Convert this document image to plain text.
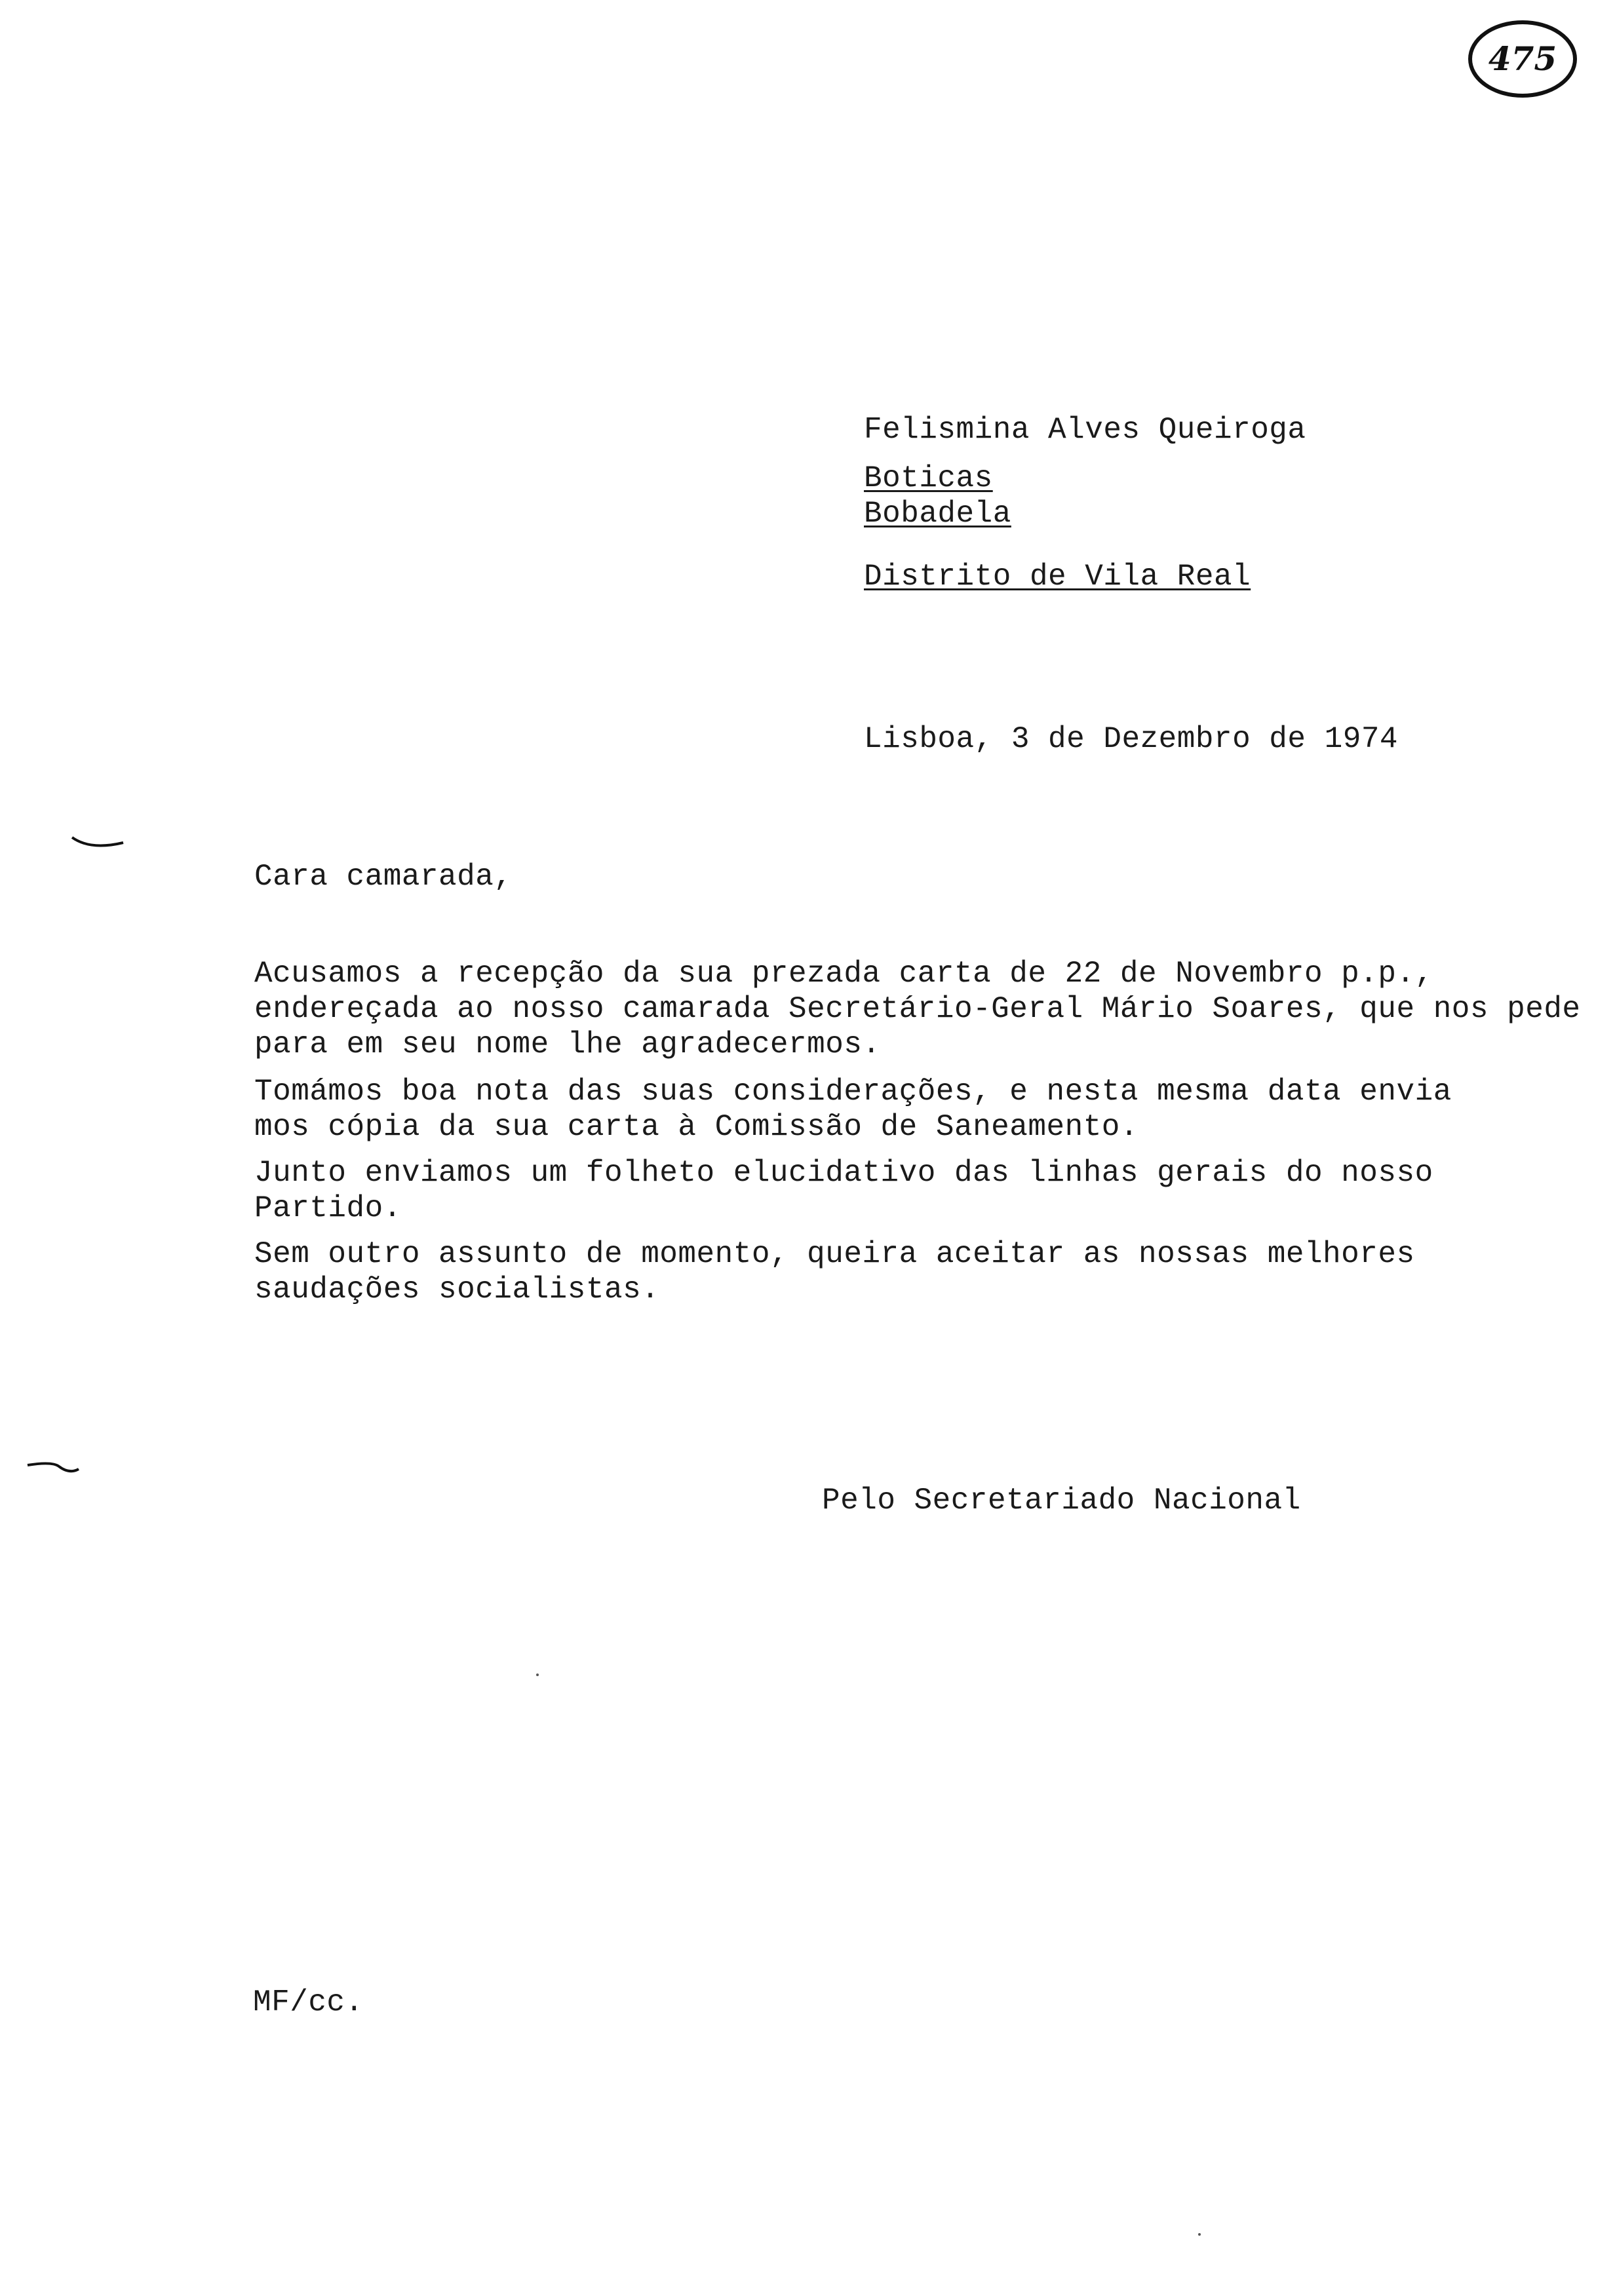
475
Felismina Alves Queiroga
Boticas
Bobadela
Distrito de Vila Real
Lisboa, 3 de Dezembro de 1974
Cara camarada,
Acusamos a recepção da sua prezada carta de 22 de Novembro p.p.,
endereçada ao nosso camarada Secretário-Geral Mário Soares, que nos pede
para em seu nome lhe agradecermos.
Tomámos boa nota das suas considerações, e nesta mesma data envia
mos cópia da sua carta à Comissão de Saneamento.
Junto enviamos um folheto elucidativo das linhas gerais do nosso
Partido.
Sem outro assunto de momento, queira aceitar as nossas melhores
saudações socialistas.
Pelo Secretariado Nacional
MF/cc.
